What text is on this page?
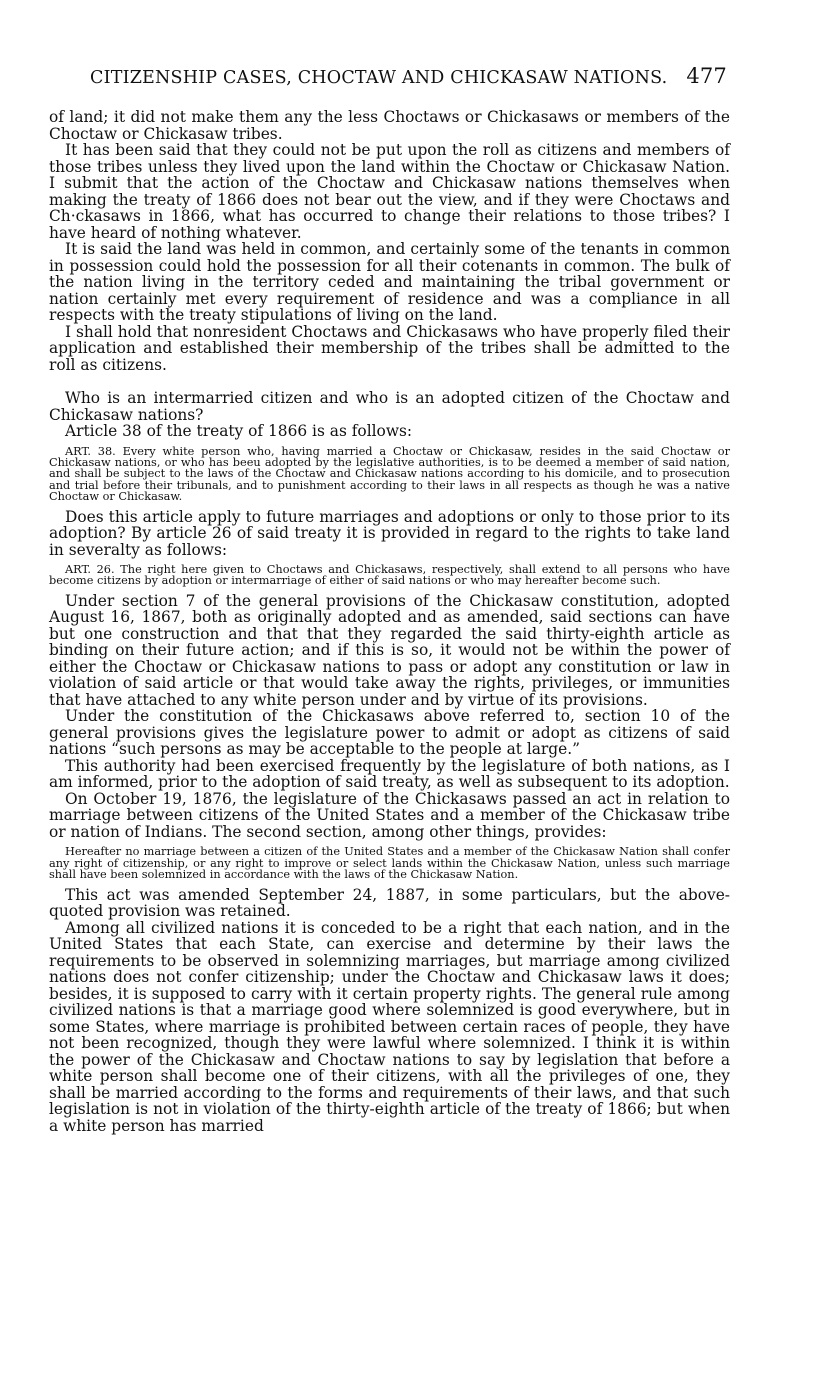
CITIZENSHIP CASES, CHOCTAW AND CHICKASAW NATIONS. 477

of land; it did not make them any the less Choctaws or Chickasaws or members of the Choctaw or Chickasaw tribes.

It has been said that they could not be put upon the roll as citizens and members of those tribes unless they lived upon the land within the Choctaw or Chickasaw Nation. I submit that the action of the Choctaw and Chickasaw nations themselves when making the treaty of 1866 does not bear out the view, and if they were Choctaws and Ch·ckasaws in 1866, what has occurred to change their relations to those tribes? I have heard of nothing whatever.

It is said the land was held in common, and certainly some of the tenants in common in possession could hold the possession for all their cotenants in common. The bulk of the nation living in the territory ceded and maintaining the tribal government or nation certainly met every requirement of residence and was a compliance in all respects with the treaty stipulations of living on the land.

I shall hold that nonresident Choctaws and Chickasaws who have properly filed their application and established their membership of the tribes shall be admitted to the roll as citizens.

Who is an intermarried citizen and who is an adopted citizen of the Choctaw and Chickasaw nations?

Article 38 of the treaty of 1866 is as follows:

ART. 38. Every white person who, having married a Choctaw or Chickasaw, resides in the said Choctaw or Chickasaw nations, or who has beeu adopted by the legislative authorities, is to be deemed a member of said nation, and shall be subject to the laws of the Choctaw and Chickasaw nations according to his domicile, and to prosecution and trial before their tribunals, and to punishment according to their laws in all respects as though he was a native Choctaw or Chickasaw.

Does this article apply to future marriages and adoptions or only to those prior to its adoption? By article 26 of said treaty it is provided in regard to the rights to take land in severalty as follows:

ART. 26. The right here given to Choctaws and Chickasaws, respectively, shall extend to all persons who have become citizens by adoption or intermarriage of either of said nations or who may hereafter become such.

Under section 7 of the general provisions of the Chickasaw constitution, adopted August 16, 1867, both as originally adopted and as amended, said sections can have but one construction and that that they regarded the said thirty-eighth article as binding on their future action; and if this is so, it would not be within the power of either the Choctaw or Chickasaw nations to pass or adopt any constitution or law in violation of said article or that would take away the rights, privileges, or immunities that have attached to any white person under and by virtue of its provisions.

Under the constitution of the Chickasaws above referred to, section 10 of the general provisions gives the legislature power to admit or adopt as citizens of said nations “such persons as may be acceptable to the people at large.”

This authority had been exercised frequently by the legislature of both nations, as I am informed, prior to the adoption of said treaty, as well as subsequent to its adoption.

On October 19, 1876, the legislature of the Chickasaws passed an act in relation to marriage between citizens of the United States and a member of the Chickasaw tribe or nation of Indians. The second section, among other things, provides:

Hereafter no marriage between a citizen of the United States and a member of the Chickasaw Nation shall confer any right of citizenship, or any right to improve or select lands within the Chickasaw Nation, unless such marriage shall have been solemnized in accordance with the laws of the Chickasaw Nation.

This act was amended September 24, 1887, in some particulars, but the above-quoted provision was retained.

Among all civilized nations it is conceded to be a right that each nation, and in the United States that each State, can exercise and determine by their laws the requirements to be observed in solemnizing marriages, but marriage among civilized nations does not confer citizenship; under the Choctaw and Chickasaw laws it does; besides, it is supposed to carry with it certain property rights. The general rule among civilized nations is that a marriage good where solemnized is good everywhere, but in some States, where marriage is prohibited between certain races of people, they have not been recognized, though they were lawful where solemnized. I think it is within the power of the Chickasaw and Choctaw nations to say by legislation that before a white person shall become one of their citizens, with all the privileges of one, they shall be married according to the forms and requirements of their laws, and that such legislation is not in violation of the thirty-eighth article of the treaty of 1866; but when a white person has married
